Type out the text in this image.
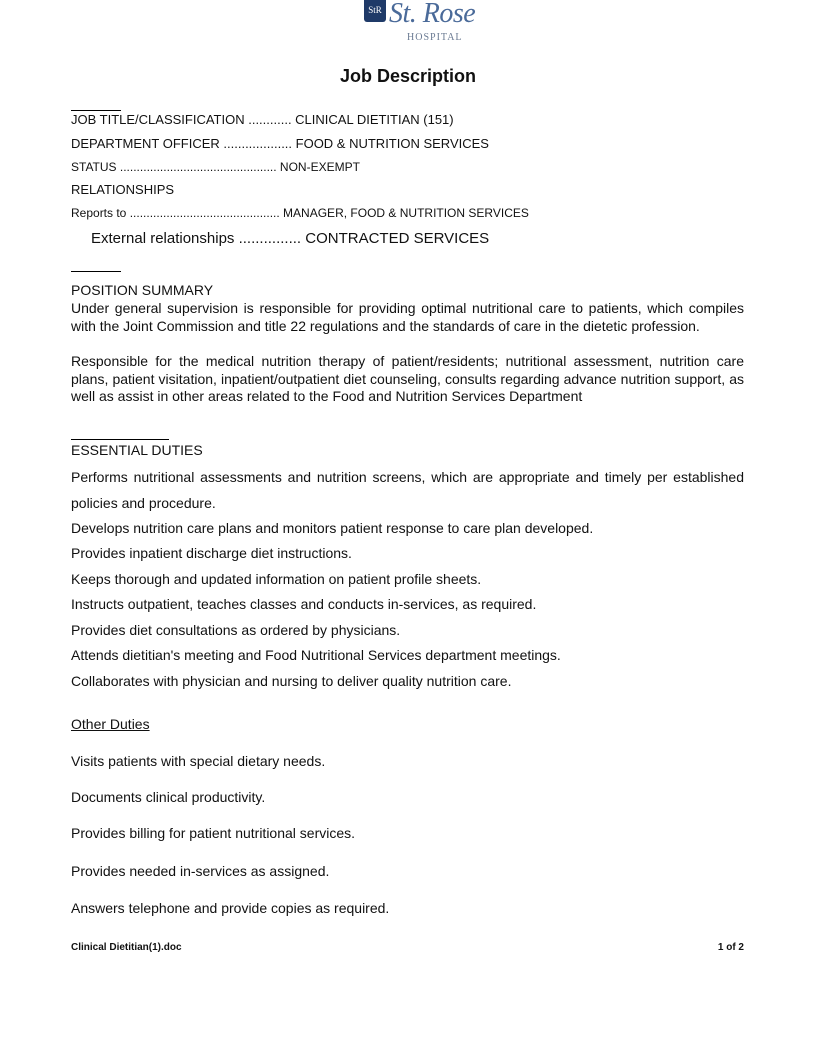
StR St. Rose
HOSPITAL
Job Description
JOB TITLE/CLASSIFICATION ............ CLINICAL DIETITIAN (151)
DEPARTMENT OFFICER ................... FOOD & NUTRITION SERVICES
STATUS ............................................... NON-EXEMPT
RELATIONSHIPS
Reports to ............................................. MANAGER, FOOD & NUTRITION SERVICES
External relationships ............... CONTRACTED SERVICES
POSITION SUMMARY
Under general supervision is responsible for providing optimal nutritional care to patients, which compiles with the Joint Commission and title 22 regulations and the standards of care in the dietetic profession.
Responsible for the medical nutrition therapy of patient/residents; nutritional assessment, nutrition care plans, patient visitation, inpatient/outpatient diet counseling, consults regarding advance nutrition support, as well as assist in other areas related to the Food and Nutrition Services Department
ESSENTIAL DUTIES
Performs nutritional assessments and nutrition screens, which are appropriate and timely per established policies and procedure.
Develops nutrition care plans and monitors patient response to care plan developed.
Provides inpatient discharge diet instructions.
Keeps thorough and updated information on patient profile sheets.
Instructs outpatient, teaches classes and conducts in-services, as required.
Provides diet consultations as ordered by physicians.
Attends dietitian's meeting and Food Nutritional Services department meetings.
Collaborates with physician and nursing to deliver quality nutrition care.
Other Duties
Visits patients with special dietary needs.
Documents clinical productivity.
Provides billing for patient nutritional services.
Provides needed in-services as assigned.
Answers telephone and provide copies as required.
Clinical Dietitian(1).doc	1 of 2
